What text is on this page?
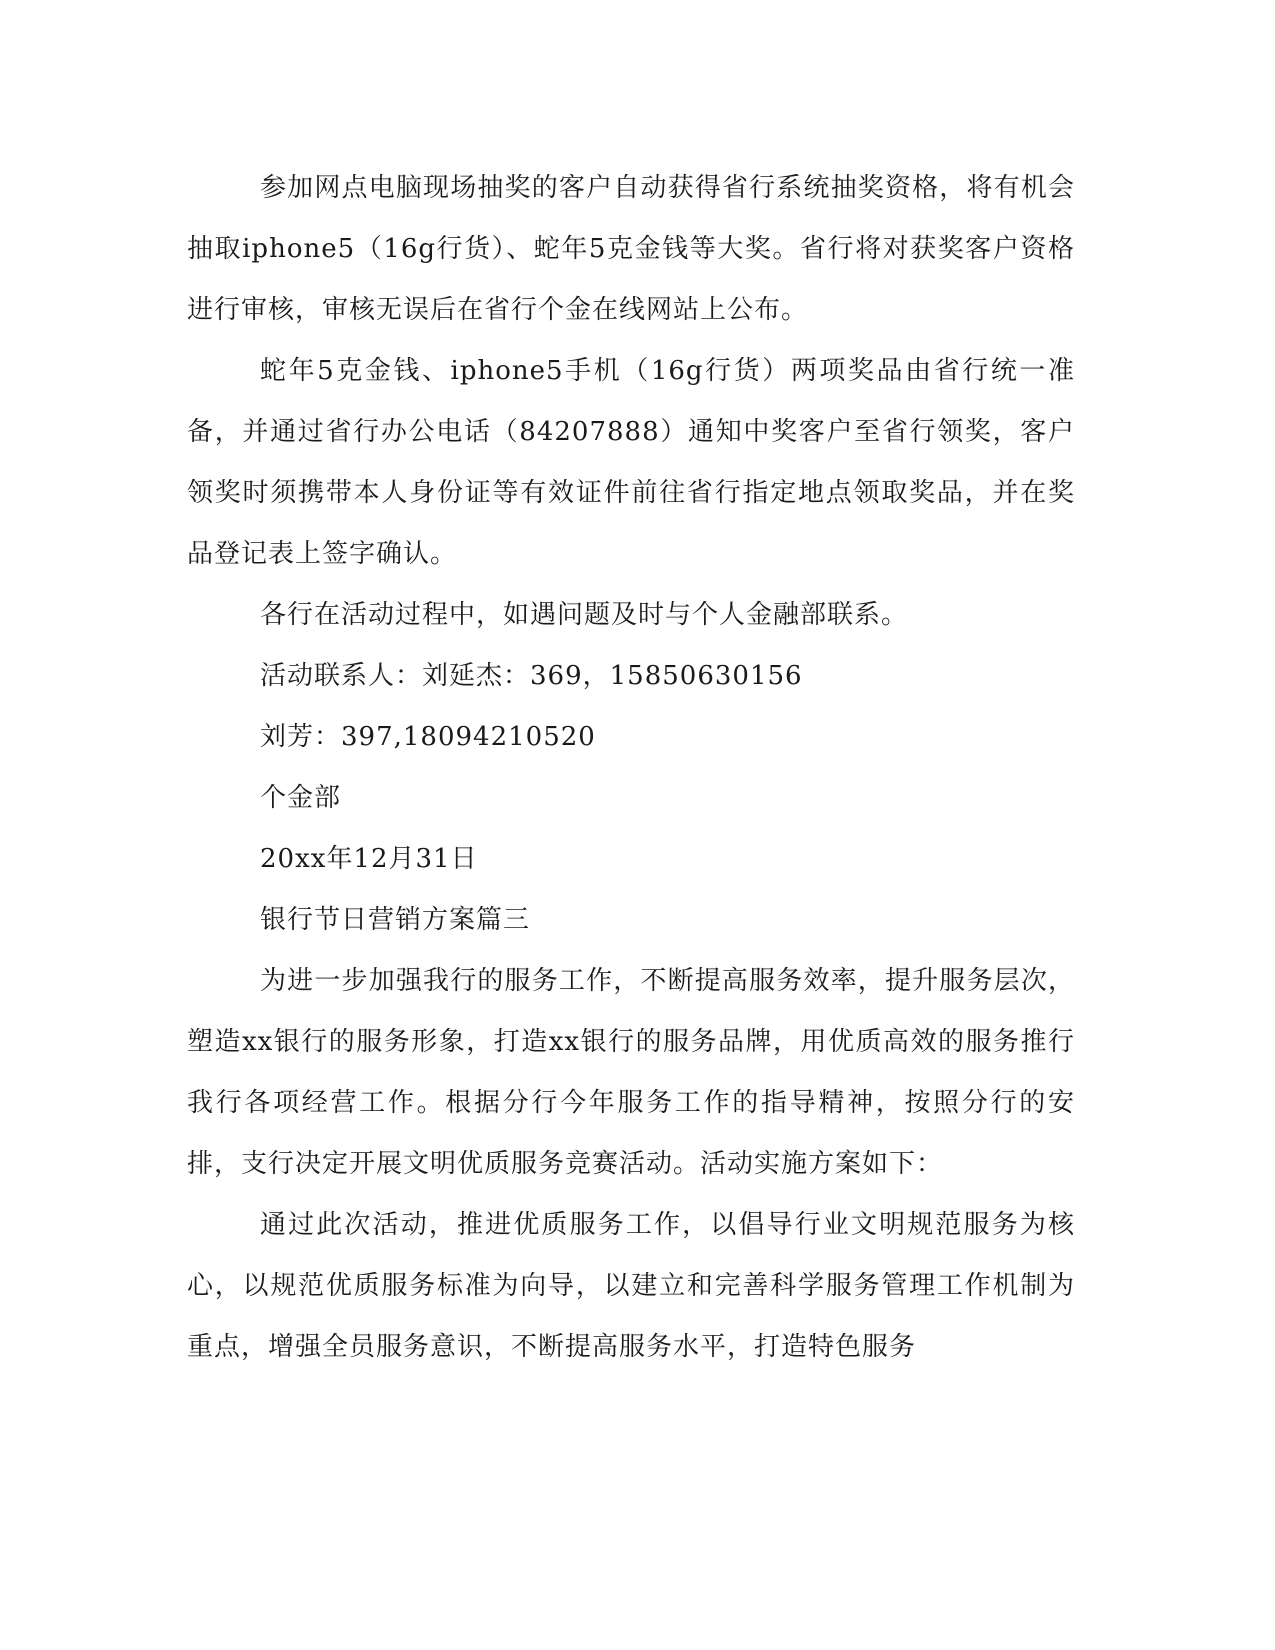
参加网点电脑现场抽奖的客户自动获得省行系统抽奖资格，将有机会抽取iphone5（16g行货）、蛇年5克金钱等大奖。省行将对获奖客户资格进行审核，审核无误后在省行个金在线网站上公布。

蛇年5克金钱、iphone5手机（16g行货）两项奖品由省行统一准备，并通过省行办公电话（84207888）通知中奖客户至省行领奖，客户领奖时须携带本人身份证等有效证件前往省行指定地点领取奖品，并在奖品登记表上签字确认。

各行在活动过程中，如遇问题及时与个人金融部联系。

活动联系人：刘延杰：369，15850630156

刘芳：397,18094210520

个金部

20xx年12月31日

银行节日营销方案篇三

为进一步加强我行的服务工作，不断提高服务效率，提升服务层次，塑造xx银行的服务形象，打造xx银行的服务品牌，用优质高效的服务推行我行各项经营工作。根据分行今年服务工作的指导精神，按照分行的安排，支行决定开展文明优质服务竞赛活动。活动实施方案如下：

通过此次活动，推进优质服务工作，以倡导行业文明规范服务为核心，以规范优质服务标准为向导，以建立和完善科学服务管理工作机制为重点，增强全员服务意识，不断提高服务水平，打造特色服务
